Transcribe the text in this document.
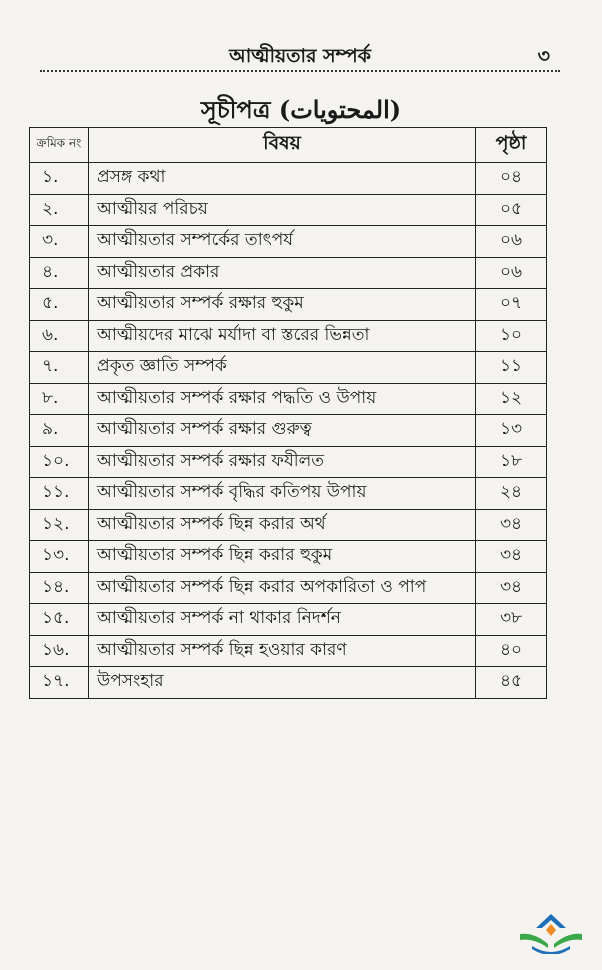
আত্মীয়তার সম্পর্ক	৩
সূচীপত্র (المحتويات)
ক্রমিক নং	বিষয়	পৃষ্ঠা
১.	প্রসঙ্গ কথা	০৪
২.	আত্মীয়র পরিচয়	০৫
৩.	আত্মীয়তার সম্পর্কের তাৎপর্য	০৬
৪.	আত্মীয়তার প্রকার	০৬
৫.	আত্মীয়তার সম্পর্ক রক্ষার হুকুম	০৭
৬.	আত্মীয়দের মাঝে মর্যাদা বা স্তরের ভিন্নতা	১০
৭.	প্রকৃত জ্ঞাতি সম্পর্ক	১১
৮.	আত্মীয়তার সম্পর্ক রক্ষার পদ্ধতি ও উপায়	১২
৯.	আত্মীয়তার সম্পর্ক রক্ষার গুরুত্ব	১৩
১০.	আত্মীয়তার সম্পর্ক রক্ষার ফযীলত	১৮
১১.	আত্মীয়তার সম্পর্ক বৃদ্ধির কতিপয় উপায়	২৪
১২.	আত্মীয়তার সম্পর্ক ছিন্ন করার অর্থ	৩৪
১৩.	আত্মীয়তার সম্পর্ক ছিন্ন করার হুকুম	৩৪
১৪.	আত্মীয়তার সম্পর্ক ছিন্ন করার অপকারিতা ও পাপ	৩৪
১৫.	আত্মীয়তার সম্পর্ক না থাকার নিদর্শন	৩৮
১৬.	আত্মীয়তার সম্পর্ক ছিন্ন হওয়ার কারণ	৪০
১৭.	উপসংহার	৪৫
